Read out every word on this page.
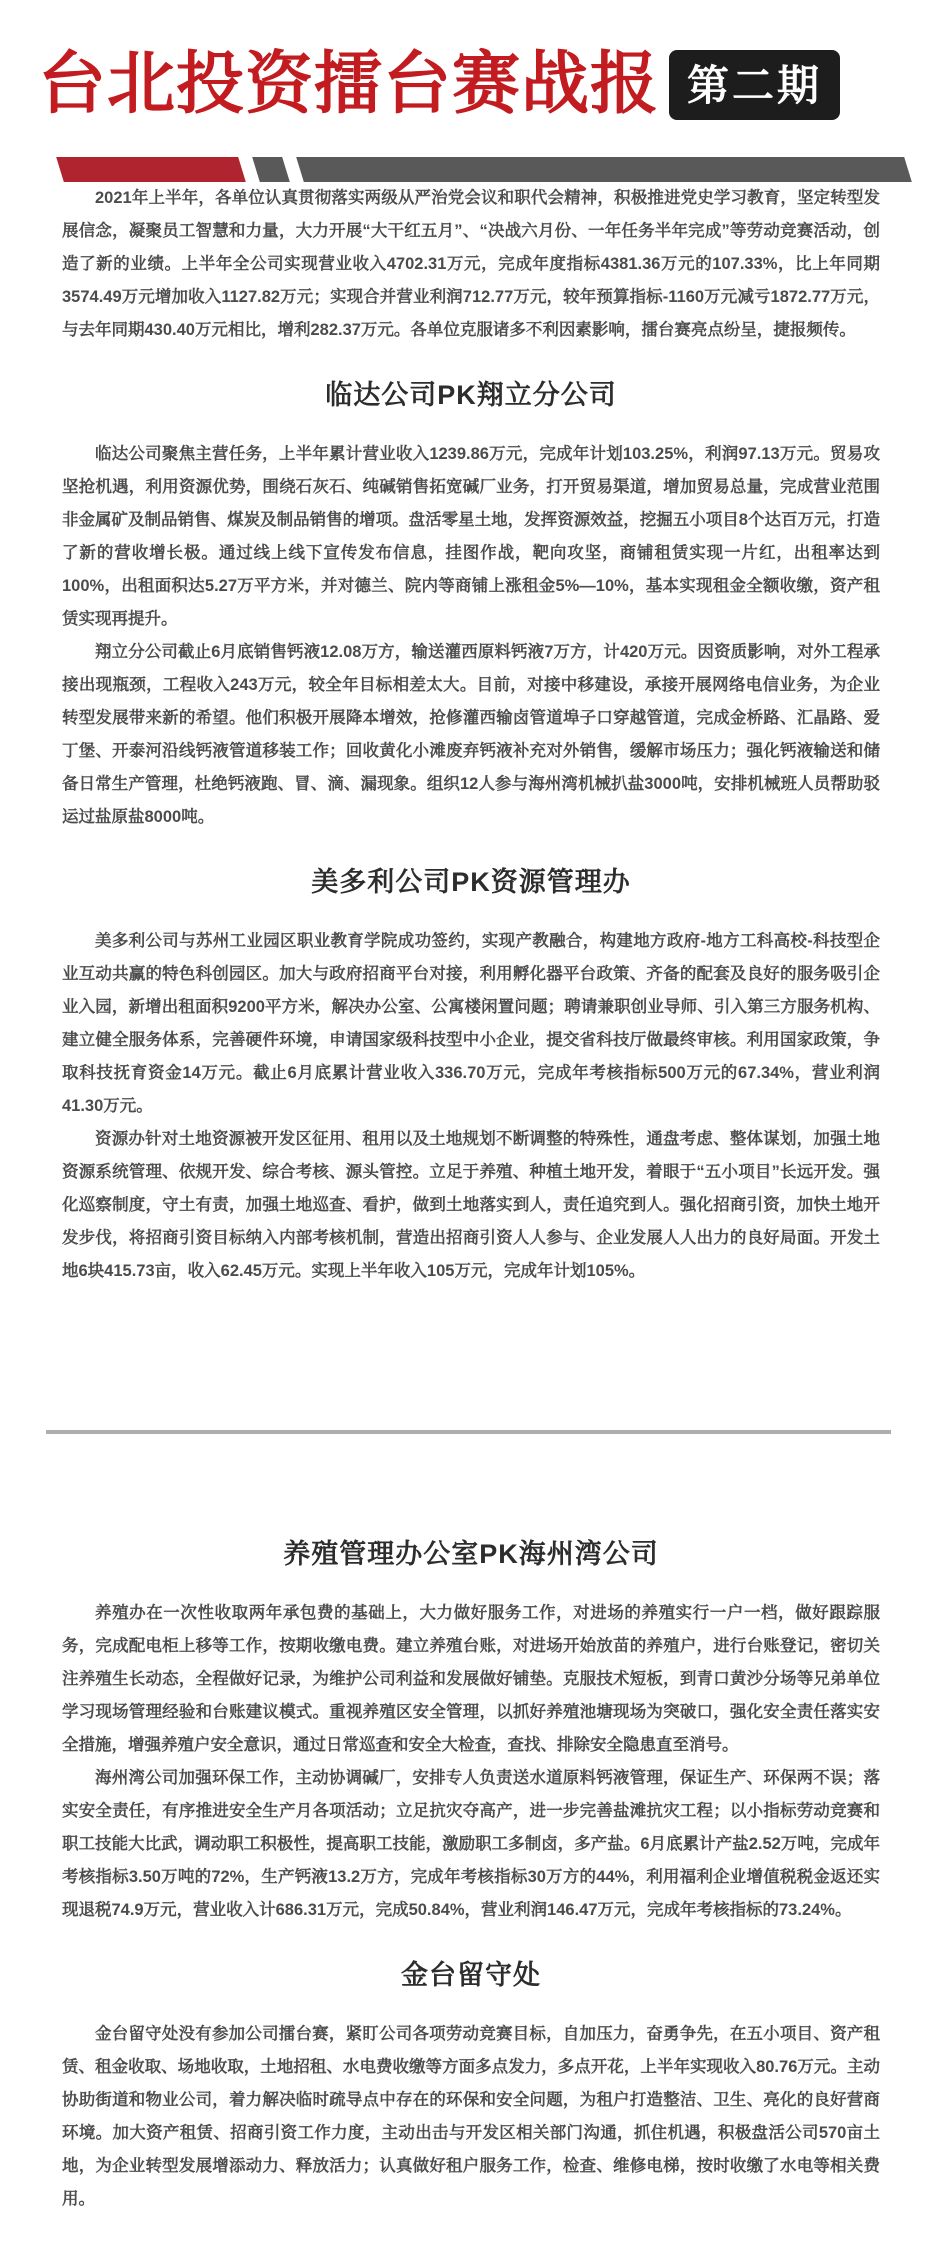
台北投资擂台赛战报 第二期

2021年上半年，各单位认真贯彻落实两级从严治党会议和职代会精神，积极推进党史学习教育，坚定转型发展信念，凝聚员工智慧和力量，大力开展“大干红五月”、“决战六月份、一年任务半年完成”等劳动竞赛活动，创造了新的业绩。上半年全公司实现营业收入4702.31万元，完成年度指标4381.36万元的107.33%，比上年同期3574.49万元增加收入1127.82万元；实现合并营业利润712.77万元，较年预算指标-1160万元减亏1872.77万元，与去年同期430.40万元相比，增利282.37万元。各单位克服诸多不利因素影响，擂台赛亮点纷呈，捷报频传。

临达公司PK翔立分公司

临达公司聚焦主营任务，上半年累计营业收入1239.86万元，完成年计划103.25%，利润97.13万元。贸易攻坚抢机遇，利用资源优势，围绕石灰石、纯碱销售拓宽碱厂业务，打开贸易渠道，增加贸易总量，完成营业范围非金属矿及制品销售、煤炭及制品销售的增项。盘活零星土地，发挥资源效益，挖掘五小项目8个达百万元，打造了新的营收增长极。通过线上线下宣传发布信息，挂图作战，靶向攻坚，商铺租赁实现一片红，出租率达到100%，出租面积达5.27万平方米，并对德兰、院内等商铺上涨租金5%—10%，基本实现租金全额收缴，资产租赁实现再提升。

翔立分公司截止6月底销售钙液12.08万方，输送灌西原料钙液7万方，计420万元。因资质影响，对外工程承接出现瓶颈，工程收入243万元，较全年目标相差太大。目前，对接中移建设，承接开展网络电信业务，为企业转型发展带来新的希望。他们积极开展降本增效，抢修灌西输卤管道埠子口穿越管道，完成金桥路、汇晶路、爱丁堡、开泰河沿线钙液管道移装工作；回收黄化小滩废弃钙液补充对外销售，缓解市场压力；强化钙液输送和储备日常生产管理，杜绝钙液跑、冒、滴、漏现象。组织12人参与海州湾机械扒盐3000吨，安排机械班人员帮助驳运过盐原盐8000吨。

美多利公司PK资源管理办

美多利公司与苏州工业园区职业教育学院成功签约，实现产教融合，构建地方政府-地方工科高校-科技型企业互动共赢的特色科创园区。加大与政府招商平台对接，利用孵化器平台政策、齐备的配套及良好的服务吸引企业入园，新增出租面积9200平方米，解决办公室、公寓楼闲置问题；聘请兼职创业导师、引入第三方服务机构、建立健全服务体系，完善硬件环境，申请国家级科技型中小企业，提交省科技厅做最终审核。利用国家政策，争取科技抚育资金14万元。截止6月底累计营业收入336.70万元，完成年考核指标500万元的67.34%，营业利润41.30万元。

资源办针对土地资源被开发区征用、租用以及土地规划不断调整的特殊性，通盘考虑、整体谋划，加强土地资源系统管理、依规开发、综合考核、源头管控。立足于养殖、种植土地开发，着眼于“五小项目”长远开发。强化巡察制度，守土有责，加强土地巡查、看护，做到土地落实到人，责任追究到人。强化招商引资，加快土地开发步伐，将招商引资目标纳入内部考核机制，营造出招商引资人人参与、企业发展人人出力的良好局面。开发土地6块415.73亩，收入62.45万元。实现上半年收入105万元，完成年计划105%。

养殖管理办公室PK海州湾公司

养殖办在一次性收取两年承包费的基础上，大力做好服务工作，对进场的养殖实行一户一档，做好跟踪服务，完成配电柜上移等工作，按期收缴电费。建立养殖台账，对进场开始放苗的养殖户，进行台账登记，密切关注养殖生长动态，全程做好记录，为维护公司利益和发展做好铺垫。克服技术短板，到青口黄沙分场等兄弟单位学习现场管理经验和台账建议模式。重视养殖区安全管理，以抓好养殖池塘现场为突破口，强化安全责任落实安全措施，增强养殖户安全意识，通过日常巡查和安全大检查，查找、排除安全隐患直至消号。

海州湾公司加强环保工作，主动协调碱厂，安排专人负责送水道原料钙液管理，保证生产、环保两不误；落实安全责任，有序推进安全生产月各项活动；立足抗灾夺高产，进一步完善盐滩抗灾工程；以小指标劳动竞赛和职工技能大比武，调动职工积极性，提高职工技能，激励职工多制卤，多产盐。6月底累计产盐2.52万吨，完成年考核指标3.50万吨的72%，生产钙液13.2万方，完成年考核指标30万方的44%，利用福利企业增值税税金返还实现退税74.9万元，营业收入计686.31万元，完成50.84%，营业利润146.47万元，完成年考核指标的73.24%。

金台留守处

金台留守处没有参加公司擂台赛，紧盯公司各项劳动竞赛目标，自加压力，奋勇争先，在五小项目、资产租赁、租金收取、场地收取，土地招租、水电费收缴等方面多点发力，多点开花，上半年实现收入80.76万元。主动协助街道和物业公司，着力解决临时疏导点中存在的环保和安全问题，为租户打造整洁、卫生、亮化的良好营商环境。加大资产租赁、招商引资工作力度，主动出击与开发区相关部门沟通，抓住机遇，积极盘活公司570亩土地，为企业转型发展增添动力、释放活力；认真做好租户服务工作，检查、维修电梯，按时收缴了水电等相关费用。
